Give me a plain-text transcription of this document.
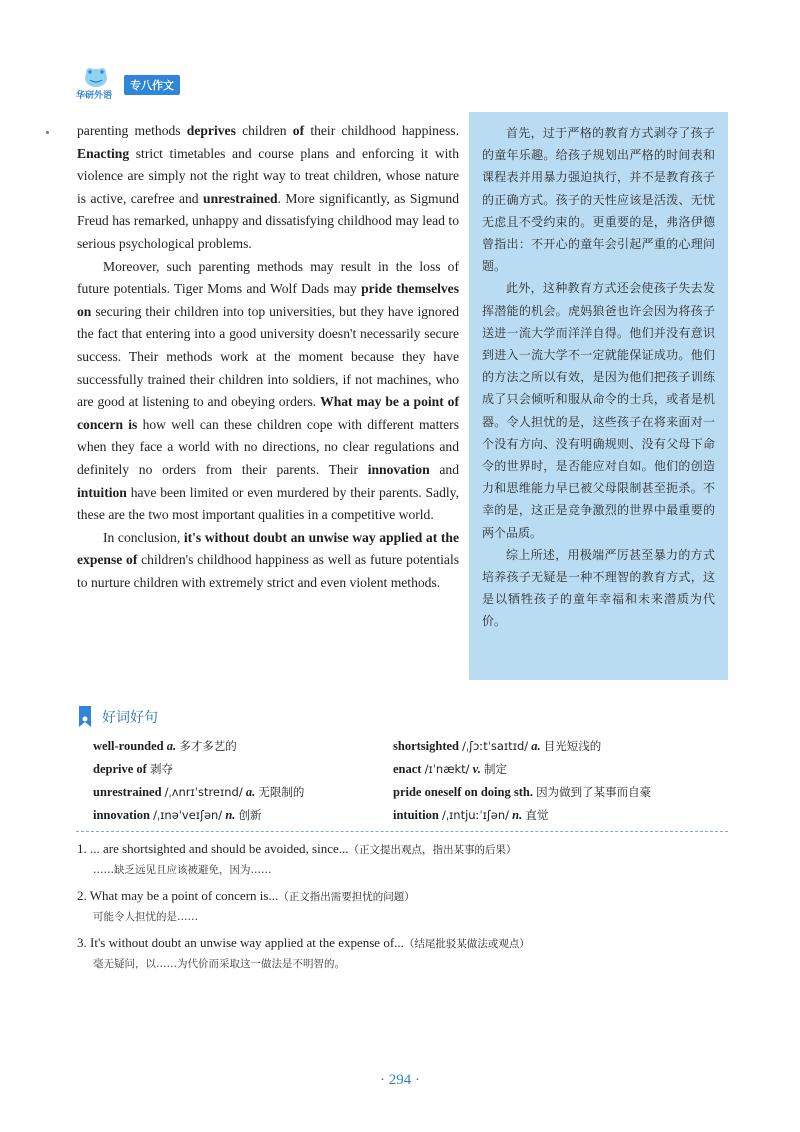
华研外语
专八作文

parenting methods deprives children of their childhood happiness. Enacting strict timetables and course plans and enforcing it with violence are simply not the right way to treat children, whose nature is active, carefree and unrestrained. More significantly, as Sigmund Freud has remarked, unhappy and dissatisfying childhood may lead to serious psychological problems.

Moreover, such parenting methods may result in the loss of future potentials. Tiger Moms and Wolf Dads may pride themselves on securing their children into top universities, but they have ignored the fact that entering into a good university doesn't necessarily secure success. Their methods work at the moment because they have successfully trained their children into soldiers, if not machines, who are good at listening to and obeying orders. What may be a point of concern is how well can these children cope with different matters when they face a world with no directions, no clear regulations and definitely no orders from their parents. Their innovation and intuition have been limited or even murdered by their parents. Sadly, these are the two most important qualities in a competitive world.

In conclusion, it's without doubt an unwise way applied at the expense of children's childhood happiness as well as future potentials to nurture children with extremely strict and even violent methods.

首先，过于严格的教育方式剥夺了孩子的童年乐趣。给孩子规划出严格的时间表和课程表并用暴力强迫执行，并不是教育孩子的正确方式。孩子的天性应该是活泼、无忧无虑且不受约束的。更重要的是，弗洛伊德曾指出：不开心的童年会引起严重的心理问题。

此外，这种教育方式还会使孩子失去发挥潜能的机会。虎妈狼爸也许会因为将孩子送进一流大学而洋洋自得。他们并没有意识到进入一流大学不一定就能保证成功。他们的方法之所以有效，是因为他们把孩子训练成了只会倾听和服从命令的士兵，或者是机器。令人担忧的是，这些孩子在将来面对一个没有方向、没有明确规则、没有父母下命令的世界时，是否能应对自如。他们的创造力和思维能力早已被父母限制甚至扼杀。不幸的是，这正是竞争激烈的世界中最重要的两个品质。

综上所述，用极端严厉甚至暴力的方式培养孩子无疑是一种不理智的教育方式，这是以牺牲孩子的童年幸福和未来潜质为代价。

好词好句
well-rounded a. 多才多艺的	shortsighted /ˌʃɔːtˈsaɪtɪd/ a. 目光短浅的
deprive of 剥夺	enact /ɪˈnækt/ v. 制定
unrestrained /ˌʌnrɪˈstreɪnd/ a. 无限制的	pride oneself on doing sth. 因为做到了某事而自豪
innovation /ˌɪnəˈveɪʃən/ n. 创新	intuition /ˌɪntjuːˈɪʃən/ n. 直觉
1. ... are shortsighted and should be avoided, since...（正文提出观点，指出某事的后果）
……缺乏远见且应该被避免，因为……
2. What may be a point of concern is...（正文指出需要担忧的问题）
可能令人担忧的是……
3. It's without doubt an unwise way applied at the expense of...（结尾批驳某做法或观点）
毫无疑问，以……为代价而采取这一做法是不明智的。
· 294 ·
